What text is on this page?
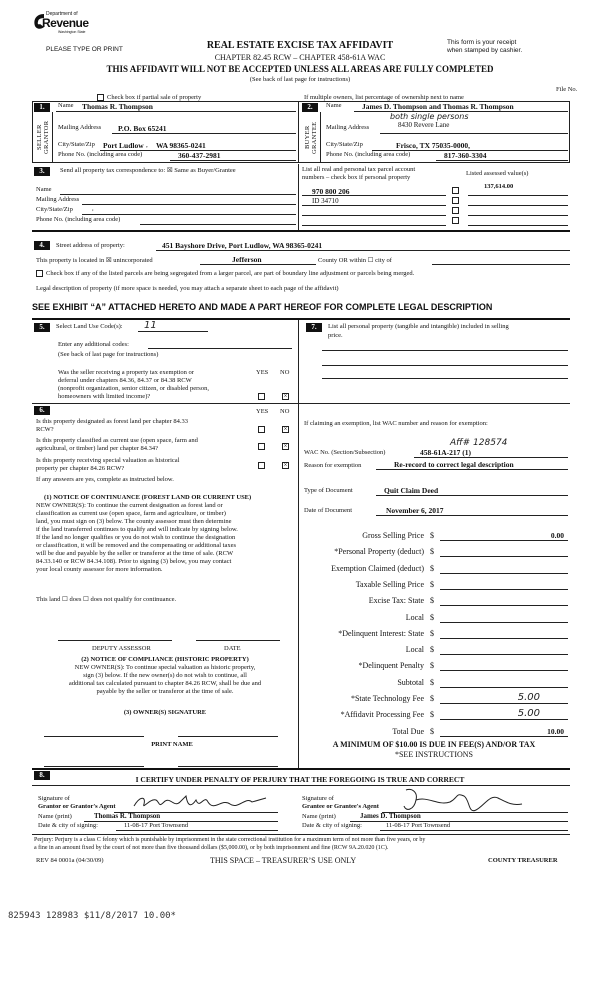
Department of
Revenue
Washington State
PLEASE TYPE OR PRINT	REAL ESTATE EXCISE TAX AFFIDAVIT
CHAPTER 82.45 RCW – CHAPTER 458-61A WAC
THIS AFFIDAVIT WILL NOT BE ACCEPTED UNLESS ALL AREAS ARE FULLY COMPLETED
(See back of last page for instructions)
This form is your receipt
when stamped by cashier.
File No.
Check box if partial sale of property	If multiple owners, list percentage of ownership next to name
1.
SELLER GRANTOR
Name Thomas R. Thompson
Mailing Address P.O. Box 65241
City/State/Zip Port Ludlow , WA 98365-0241
Phone No. (including area code)	360-437-2981
2.
BUYER GRANTEE
Name	James D. Thompson and Thomas R. Thompson
both single persons
Mailing Address	8430 Revere Lane
City/State/Zip	Frisco, TX 75035-0000,
Phone No. (including area code)	817-360-3304
3.	Send all property tax correspondence to: ☒ Same as Buyer/Grantee
Name
Mailing Address
City/State/Zip	,
Phone No. (including area code)
List all real and personal tax parcel account
numbers – check box if personal property
Listed assessed value(s)
137,614.00
970 800 206
ID 34710
4.	Street address of property:	451 Bayshore Drive, Port Ludlow, WA 98365-0241
This property is located in ☒ unincorporated	Jefferson	County OR within ☐ city of
Check box if any of the listed parcels are being segregated from a larger parcel, are part of boundary line adjustment or parcels being merged.
Legal description of property (if more space is needed, you may attach a separate sheet to each page of the affidavit)
SEE EXHIBIT “A” ATTACHED HERETO AND MADE A PART HEREOF FOR COMPLETE LEGAL DESCRIPTION
5.	Select Land Use Code(s): 11
Enter any additional codes:
(See back of last page for instructions)
YES NO
Was the seller receiving a property tax exemption or
deferral under chapters 84.36, 84.37 or 84.38 RCW
(nonprofit organization, senior citizen, or disabled person,
homeowners with limited income)?	×
6.	YES NO
Is this property designated as forest land per chapter 84.33
RCW?	×
Is this property classified as current use (open space, farm and
agricultural, or timber) land per chapter 84.34?	×
Is this property receiving special valuation as historical
property per chapter 84.26 RCW?	×
If any answers are yes, complete as instructed below.
(1) NOTICE OF CONTINUANCE (FOREST LAND OR CURRENT USE)
NEW OWNER(S): To continue the current designation as forest land or
classification as current use (open space, farm and agriculture, or timber)
land, you must sign on (3) below. The county assessor must then determine
if the land transferred continues to qualify and will indicate by signing below.
If the land no longer qualifies or you do not wish to continue the designation
or classification, it will be removed and the compensating or additional taxes
will be due and payable by the seller or transferor at the time of sale. (RCW
84.33.140 or RCW 84.34.108). Prior to signing (3) below, you may contact
your local county assessor for more information.
This land ☐ does ☐ does not qualify for continuance.
DEPUTY ASSESSOR	DATE
(2) NOTICE OF COMPLIANCE (HISTORIC PROPERTY)
NEW OWNER(S): To continue special valuation as historic property,
sign (3) below. If the new owner(s) do not wish to continue, all
additional tax calculated pursuant to chapter 84.26 RCW, shall be due and
payable by the seller or transferor at the time of sale.
(3) OWNER(S) SIGNATURE
PRINT NAME
7.	List all personal property (tangible and intangible) included in selling
price.
If claiming an exemption, list WAC number and reason for exemption:
Aff# 128574
WAC No. (Section/Subsection)	458-61A-217 (1)
Reason for exemption	Re-record to correct legal description
Type of Document	Quit Claim Deed
Date of Document	November 6, 2017
Gross Selling Price $	0.00
*Personal Property (deduct) $
Exemption Claimed (deduct) $
Taxable Selling Price $
Excise Tax: State $
Local $
*Delinquent Interest: State $
Local $
*Delinquent Penalty $
Subtotal $
*State Technology Fee $	5.00
*Affidavit Processing Fee $	5.00
Total Due $	10.00
A MINIMUM OF $10.00 IS DUE IN FEE(S) AND/OR TAX
*SEE INSTRUCTIONS
8.	I CERTIFY UNDER PENALTY OF PERJURY THAT THE FOREGOING IS TRUE AND CORRECT
Signature of
Grantor or Grantor's Agent
Name (print)	Thomas R. Thompson
Date & city of signing:	11-08-17 Port Townsend
Signature of
Grantee or Grantee's Agent
Name (print)	James D. Thompson
Date & city of signing:	11-08-17 Port Townsend
Perjury: Perjury is a class C felony which is punishable by imprisonment in the state correctional institution for a maximum term of not more than five years, or by
a fine in an amount fixed by the court of not more than five thousand dollars ($5,000.00), or by both imprisonment and fine (RCW 9A.20.020 (1C).
REV 84 0001a (04/30/09)	THIS SPACE – TREASURER’S USE ONLY	COUNTY TREASURER
825943 128983 $11/8/2017 10.00*
